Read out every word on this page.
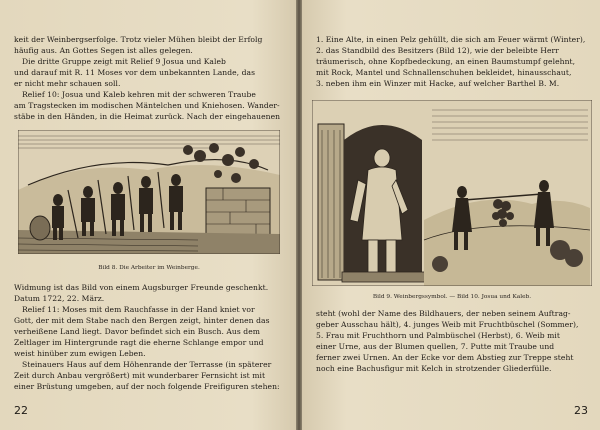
keit der Weinbergserfolge. Trotz vieler Mühen bleibt der Erfolg
häufig aus. An Gottes Segen ist alles gelegen.
Die dritte Gruppe zeigt mit Relief 9 Josua und Kaleb
und darauf mit R. 11 Moses vor dem unbekannten Lande, das
er nicht mehr schauen soll.
Relief 10: Josua und Kaleb kehren mit der schweren Traube
am Tragstecken im modischen Mäntelchen und Kniehosen. Wander-
stäbe in den Händen, in die Heimat zurück. Nach der eingehauenen
Bild 8. Die Arbeiter im Weinberge.
Widmung ist das Bild von einem Augsburger Freunde geschenkt.
Datum 1722, 22. März.
Relief 11: Moses mit dem Rauchfasse in der Hand kniet vor
Gott, der mit dem Stabe nach den Bergen zeigt, hinter denen das
verheißene Land liegt. Davor befindet sich ein Busch. Aus dem
Zeltlager im Hintergrunde ragt die eherne Schlange empor und
weist hinüber zum ewigen Leben.
Steinauers Haus auf dem Höhenrande der Terrasse (in späterer
Zeit durch Anbau vergrößert) mit wunderbarer Fernsicht ist mit
einer Brüstung umgeben, auf der noch folgende Freifiguren stehen:
22
1. Eine Alte, in einen Pelz gehüllt, die sich am Feuer wärmt (Winter),
2. das Standbild des Besitzers (Bild 12), wie der beleibte Herr
träumerisch, ohne Kopfbedeckung, an einen Baumstumpf gelehnt,
mit Rock, Mantel und Schnallenschuhen bekleidet, hinausschaut,
3. neben ihm ein Winzer mit Hacke, auf welcher Barthel B. M.
Bild 9. Weinbergssymbol. — Bild 10. Josua und Kaleb.
steht (wohl der Name des Bildhauers, der neben seinem Auftrag-
geber Ausschau hält), 4. junges Weib mit Fruchtbüschel (Sommer),
5. Frau mit Fruchthorn und Palmbüschel (Herbst), 6. Weib mit
einer Urne, aus der Blumen quellen, 7. Putte mit Traube und
ferner zwei Urnen. An der Ecke vor dem Abstieg zur Treppe steht
noch eine Bachusfigur mit Kelch in strotzender Gliederfülle.
23
